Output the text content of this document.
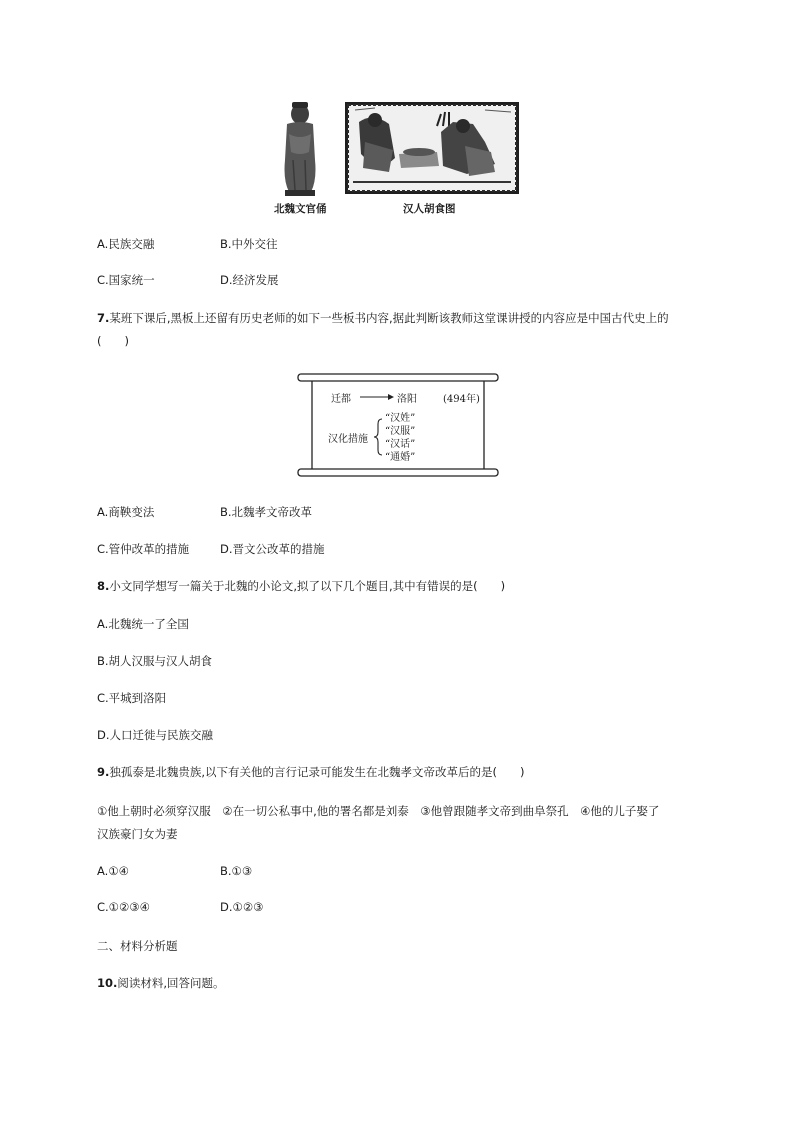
北魏文官俑	汉人胡食图
A.民族交融	B.中外交往
C.国家统一	D.经济发展
7.某班下课后,黑板上还留有历史老师的如下一些板书内容,据此判断该教师这堂课讲授的内容应是中国古代史上的
(　　)
迁都	洛阳	(494年)
汉化措施
“汉姓”
“汉服”
“汉话”
“通婚”
A.商鞅变法	B.北魏孝文帝改革
C.管仲改革的措施	D.晋文公改革的措施
8.小文同学想写一篇关于北魏的小论文,拟了以下几个题目,其中有错误的是(　　)
A.北魏统一了全国
B.胡人汉服与汉人胡食
C.平城到洛阳
D.人口迁徙与民族交融
9.独孤泰是北魏贵族,以下有关他的言行记录可能发生在北魏孝文帝改革后的是(　　)
①他上朝时必须穿汉服　②在一切公私事中,他的署名都是刘泰　③他曾跟随孝文帝到曲阜祭孔　④他的儿子娶了
汉族豪门女为妻
A.①④	B.①③
C.①②③④	D.①②③
二、材料分析题
10.阅读材料,回答问题。
